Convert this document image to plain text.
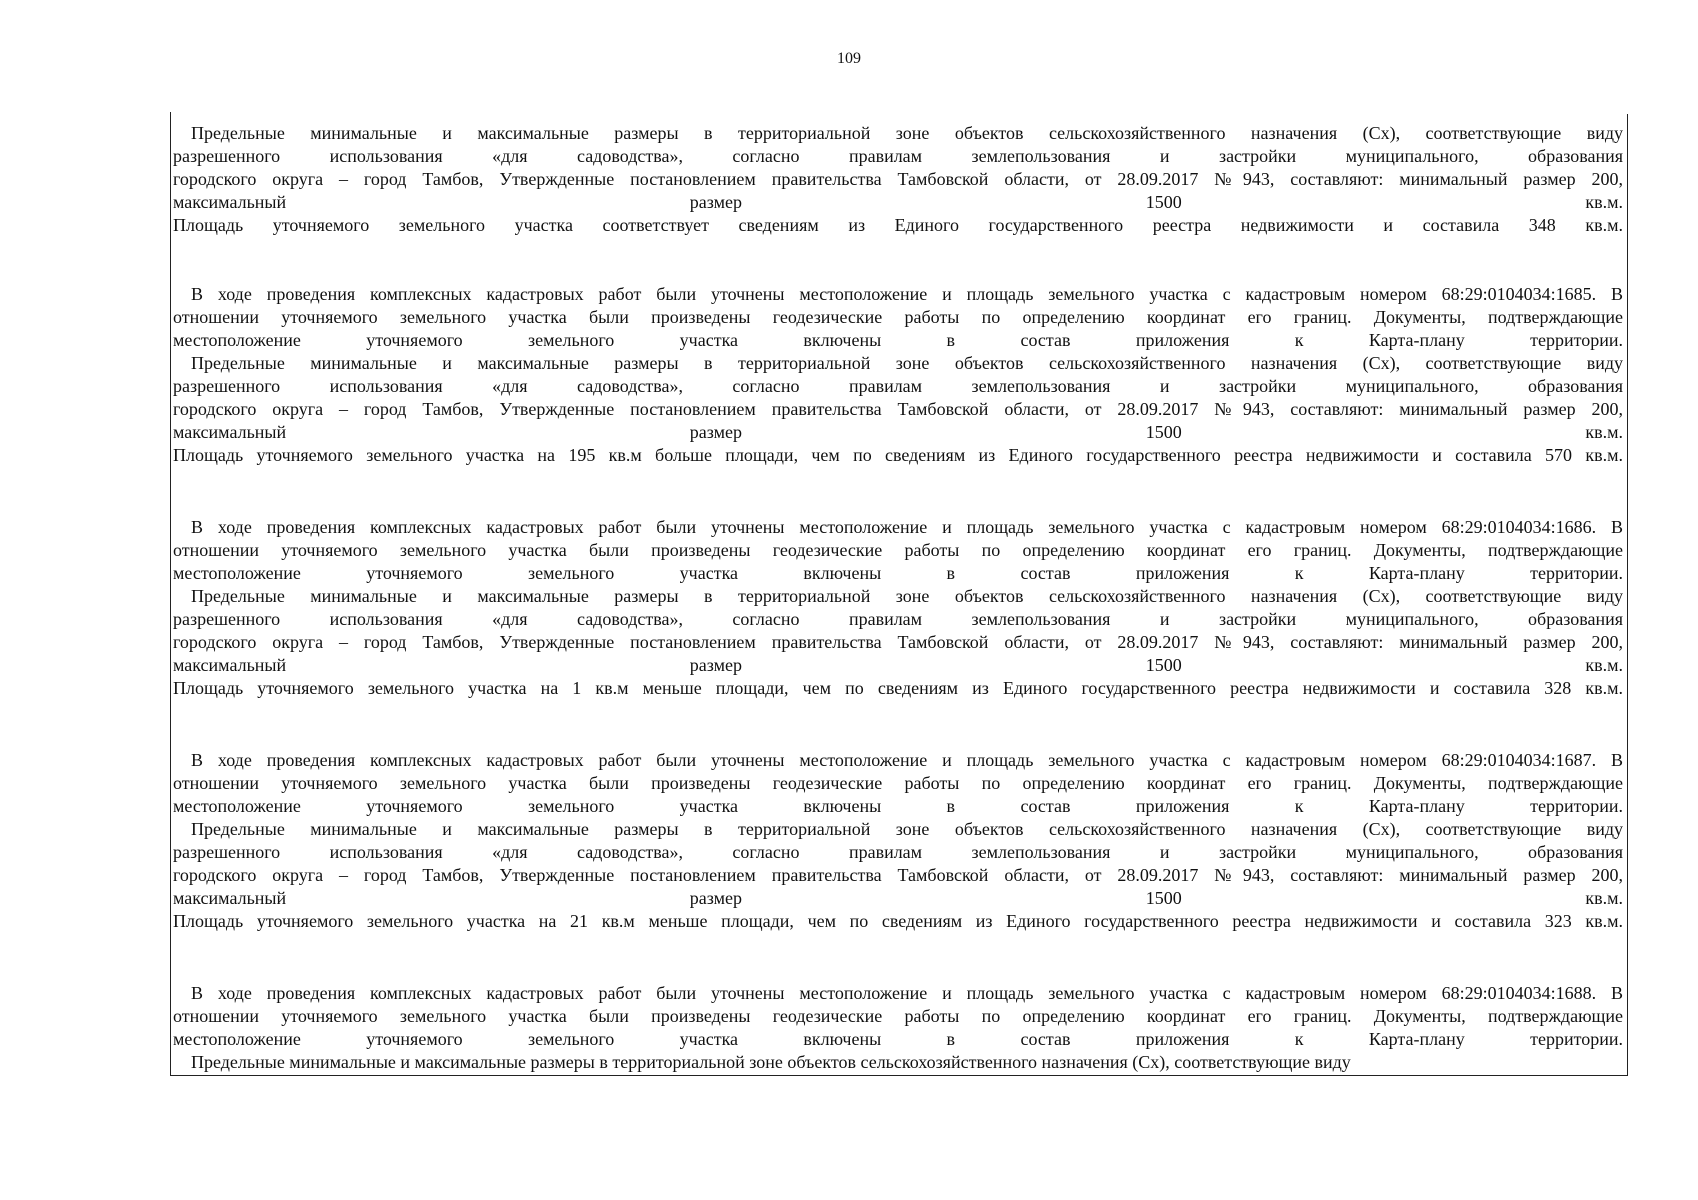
109
Предельные минимальные и максимальные размеры в территориальной зоне объектов сельскохозяйственного назначения (Сх), соответствующие виду
разрешенного использования «для садоводства», согласно правилам землепользования и застройки муниципального, образования
городского округа – город Тамбов, Утвержденные постановлением правительства Тамбовской области, от 28.09.2017 №943, составляют: минимальный размер 200,
максимальный размер 1500 кв.м.
Площадь уточняемого земельного участка соответствует сведениям из Единого государственного реестра недвижимости и составила 348 кв.м.
В ходе проведения комплексных кадастровых работ были уточнены местоположение и площадь земельного участка с кадастровым номером 68:29:0104034:1685. В
отношении уточняемого земельного участка были произведены геодезические работы по определению координат его границ. Документы, подтверждающие
местоположение уточняемого земельного участка включены в состав приложения к Карта-плану территории.
Предельные минимальные и максимальные размеры в территориальной зоне объектов сельскохозяйственного назначения (Сх), соответствующие виду
разрешенного использования «для садоводства», согласно правилам землепользования и застройки муниципального, образования
городского округа – город Тамбов, Утвержденные постановлением правительства Тамбовской области, от 28.09.2017 №943, составляют: минимальный размер 200,
максимальный размер 1500 кв.м.
Площадь уточняемого земельного участка на 195 кв.м больше площади, чем по сведениям из Единого государственного реестра недвижимости и составила 570 кв.м.
В ходе проведения комплексных кадастровых работ были уточнены местоположение и площадь земельного участка с кадастровым номером 68:29:0104034:1686. В
отношении уточняемого земельного участка были произведены геодезические работы по определению координат его границ. Документы, подтверждающие
местоположение уточняемого земельного участка включены в состав приложения к Карта-плану территории.
Предельные минимальные и максимальные размеры в территориальной зоне объектов сельскохозяйственного назначения (Сх), соответствующие виду
разрешенного использования «для садоводства», согласно правилам землепользования и застройки муниципального, образования
городского округа – город Тамбов, Утвержденные постановлением правительства Тамбовской области, от 28.09.2017 №943, составляют: минимальный размер 200,
максимальный размер 1500 кв.м.
Площадь уточняемого земельного участка на 1 кв.м меньше площади, чем по сведениям из Единого государственного реестра недвижимости и составила 328 кв.м.
В ходе проведения комплексных кадастровых работ были уточнены местоположение и площадь земельного участка с кадастровым номером 68:29:0104034:1687. В
отношении уточняемого земельного участка были произведены геодезические работы по определению координат его границ. Документы, подтверждающие
местоположение уточняемого земельного участка включены в состав приложения к Карта-плану территории.
Предельные минимальные и максимальные размеры в территориальной зоне объектов сельскохозяйственного назначения (Сх), соответствующие виду
разрешенного использования «для садоводства», согласно правилам землепользования и застройки муниципального, образования
городского округа – город Тамбов, Утвержденные постановлением правительства Тамбовской области, от 28.09.2017 №943, составляют: минимальный размер 200,
максимальный размер 1500 кв.м.
Площадь уточняемого земельного участка на 21 кв.м меньше площади, чем по сведениям из Единого государственного реестра недвижимости и составила 323 кв.м.
В ходе проведения комплексных кадастровых работ были уточнены местоположение и площадь земельного участка с кадастровым номером 68:29:0104034:1688. В
отношении уточняемого земельного участка были произведены геодезические работы по определению координат его границ. Документы, подтверждающие
местоположение уточняемого земельного участка включены в состав приложения к Карта-плану территории.
Предельные минимальные и максимальные размеры в территориальной зоне объектов сельскохозяйственного назначения (Сх), соответствующие виду
